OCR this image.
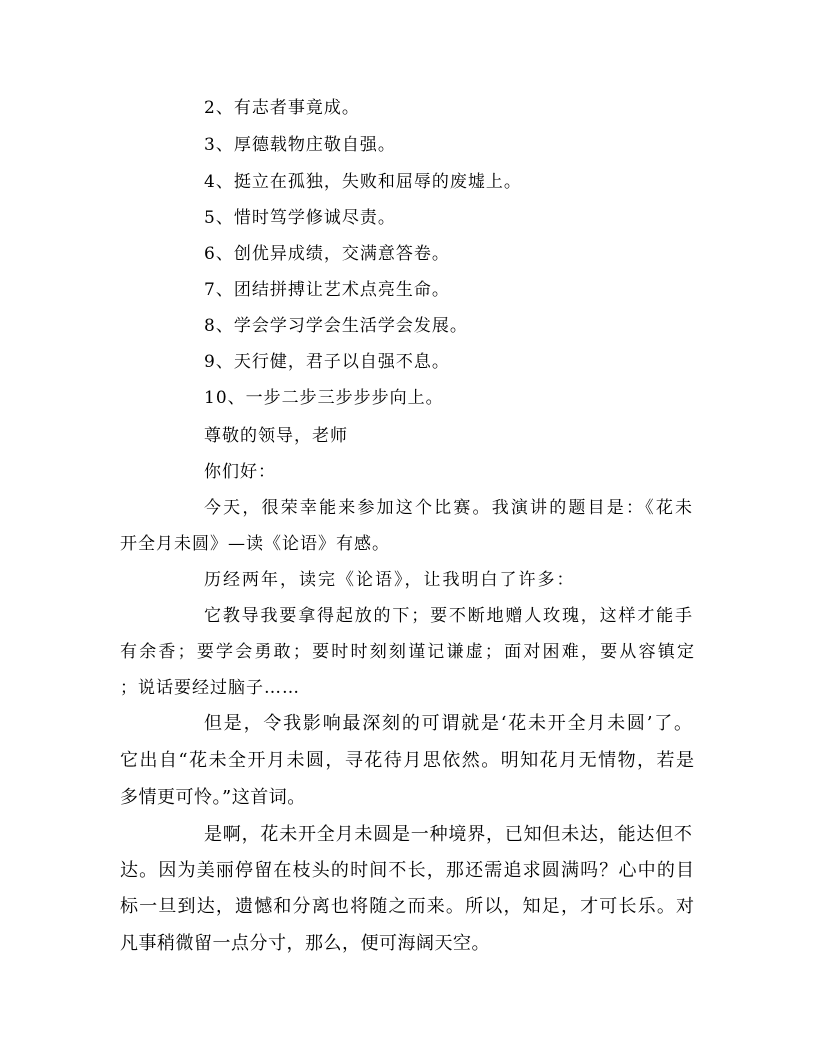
2、有志者事竟成。
3、厚德载物庄敬自强。
4、挺立在孤独，失败和屈辱的废墟上。
5、惜时笃学修诚尽责。
6、创优异成绩，交满意答卷。
7、团结拼搏让艺术点亮生命。
8、学会学习学会生活学会发展。
9、天行健，君子以自强不息。
10、一步二步三步步步向上。
尊敬的领导，老师
你们好：
今天，很荣幸能来参加这个比赛。我演讲的题目是：《花未
开全月未圆》—读《论语》有感。
历经两年，读完《论语》，让我明白了许多：
它教导我要拿得起放的下；要不断地赠人玫瑰，这样才能手
有余香；要学会勇敢；要时时刻刻谨记谦虚；面对困难，要从容镇定
；说话要经过脑子……
但是，令我影响最深刻的可谓就是‘花未开全月未圆’了。
它出自“花未全开月未圆，寻花待月思依然。明知花月无情物，若是
多情更可怜。”这首词。
是啊，花未开全月未圆是一种境界，已知但未达，能达但不
达。因为美丽停留在枝头的时间不长，那还需追求圆满吗？心中的目
标一旦到达，遗憾和分离也将随之而来。所以，知足，才可长乐。对
凡事稍微留一点分寸，那么，便可海阔天空。
